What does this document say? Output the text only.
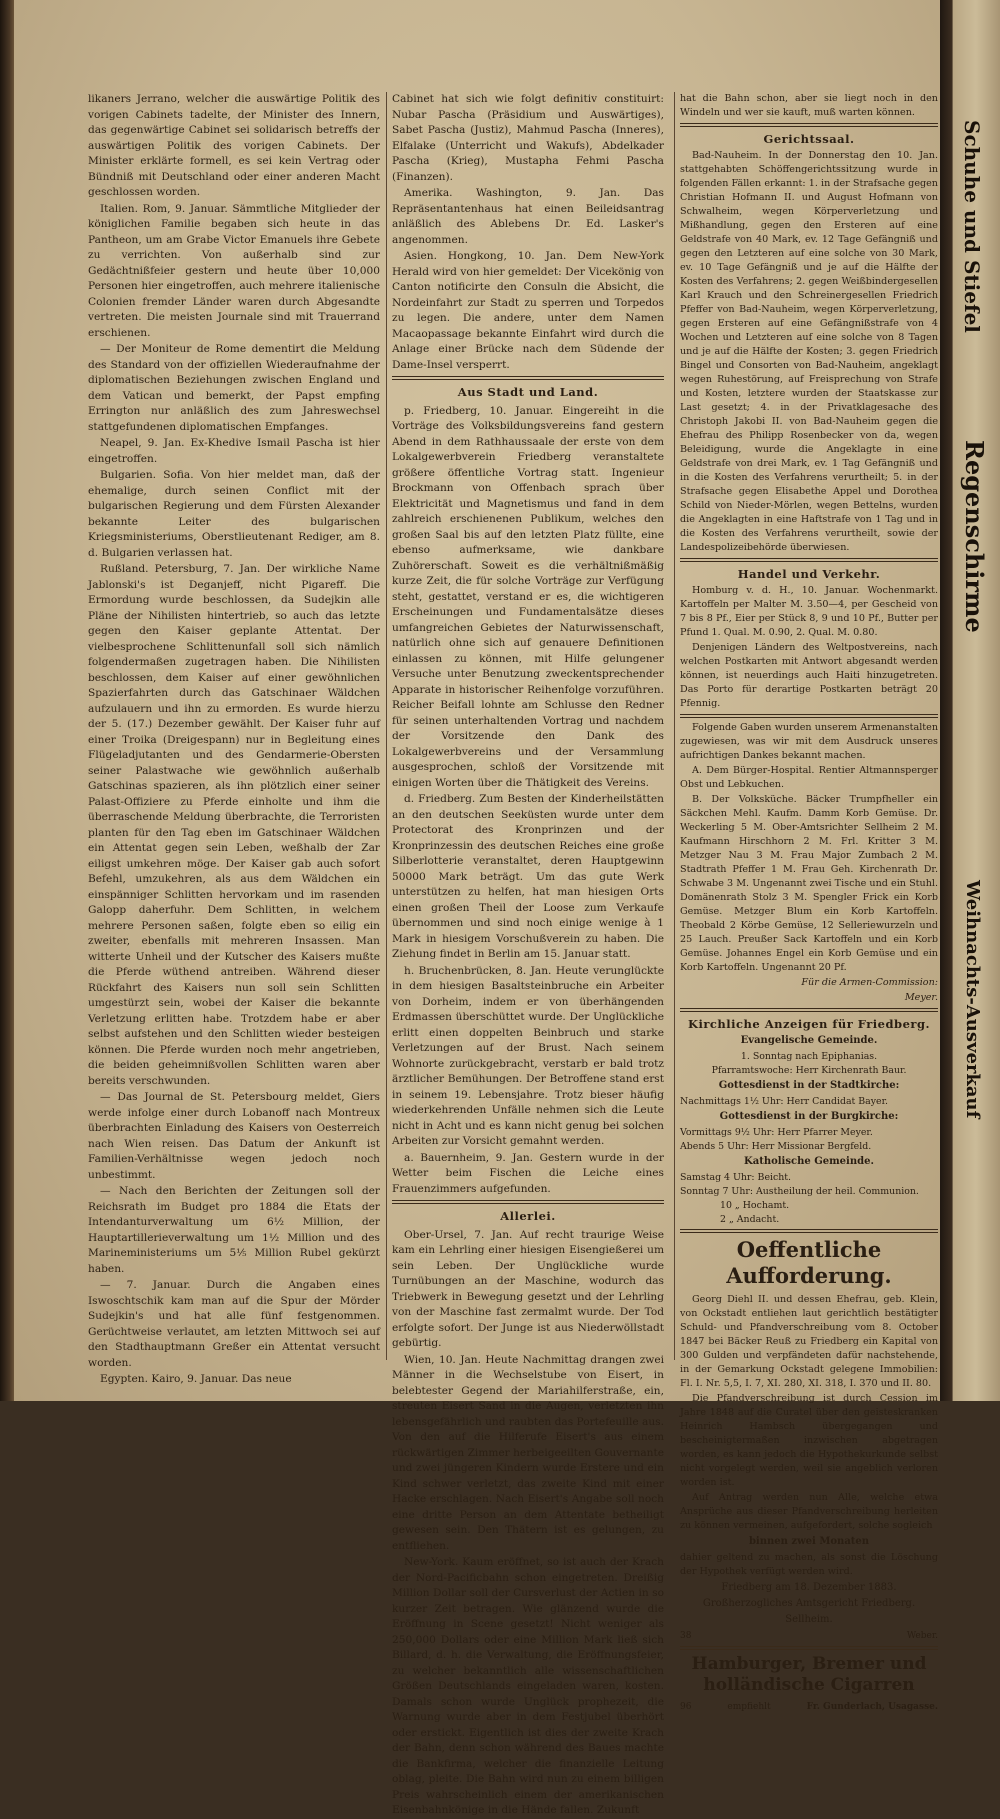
likaners Jerrano, welcher die auswärtige Politik des vorigen Cabinets tadelte, der Minister des Innern, das gegenwärtige Cabinet sei solidarisch betreffs der auswärtigen Politik des vorigen Cabinets. Der Minister erklärte formell, es sei kein Vertrag oder Bündniß mit Deutschland oder einer anderen Macht geschlossen worden.

Italien. Rom, 9. Januar. Sämmtliche Mitglieder der königlichen Familie begaben sich heute in das Pantheon, um am Grabe Victor Emanuels ihre Gebete zu verrichten. Von außerhalb sind zur Gedächtnißfeier gestern und heute über 10,000 Personen hier eingetroffen, auch mehrere italienische Colonien fremder Länder waren durch Abgesandte vertreten. Die meisten Journale sind mit Trauerrand erschienen.

— Der Moniteur de Rome dementirt die Meldung des Standard von der offiziellen Wiederaufnahme der diplomatischen Beziehungen zwischen England und dem Vatican und bemerkt, der Papst empfing Errington nur anläßlich des zum Jahreswechsel stattgefundenen diplomatischen Empfanges.

Neapel, 9. Jan. Ex-Khedive Ismail Pascha ist hier eingetroffen.

Bulgarien. Sofia. Von hier meldet man, daß der ehemalige, durch seinen Conflict mit der bulgarischen Regierung und dem Fürsten Alexander bekannte Leiter des bulgarischen Kriegsministeriums, Oberstlieutenant Rediger, am 8. d. Bulgarien verlassen hat.

Rußland. Petersburg, 7. Jan. Der wirkliche Name Jablonski's ist Deganjeff, nicht Pigareff. Die Ermordung wurde beschlossen, da Sudejkin alle Pläne der Nihilisten hintertrieb, so auch das letzte gegen den Kaiser geplante Attentat. Der vielbesprochene Schlittenunfall soll sich nämlich folgendermaßen zugetragen haben. Die Nihilisten beschlossen, dem Kaiser auf einer gewöhnlichen Spazierfahrten durch das Gatschinaer Wäldchen aufzulauern und ihn zu ermorden. Es wurde hierzu der 5. (17.) Dezember gewählt. Der Kaiser fuhr auf einer Troika (Dreigespann) nur in Begleitung eines Flügeladjutanten und des Gendarmerie-Obersten seiner Palastwache wie gewöhnlich außerhalb Gatschinas spazieren, als ihn plötzlich einer seiner Palast-Offiziere zu Pferde einholte und ihm die überraschende Meldung überbrachte, die Terroristen planten für den Tag eben im Gatschinaer Wäldchen ein Attentat gegen sein Leben, weßhalb der Zar eiligst umkehren möge. Der Kaiser gab auch sofort Befehl, umzukehren, als aus dem Wäldchen ein einspänniger Schlitten hervorkam und im rasenden Galopp daherfuhr. Dem Schlitten, in welchem mehrere Personen saßen, folgte eben so eilig ein zweiter, ebenfalls mit mehreren Insassen. Man witterte Unheil und der Kutscher des Kaisers mußte die Pferde wüthend antreiben. Während dieser Rückfahrt des Kaisers nun soll sein Schlitten umgestürzt sein, wobei der Kaiser die bekannte Verletzung erlitten habe. Trotzdem habe er aber selbst aufstehen und den Schlitten wieder besteigen können. Die Pferde wurden noch mehr angetrieben, die beiden geheimnißvollen Schlitten waren aber bereits verschwunden.

— Das Journal de St. Petersbourg meldet, Giers werde infolge einer durch Lobanoff nach Montreux überbrachten Einladung des Kaisers von Oesterreich nach Wien reisen. Das Datum der Ankunft ist Familien-Verhältnisse wegen jedoch noch unbestimmt.

— Nach den Berichten der Zeitungen soll der Reichsrath im Budget pro 1884 die Etats der Intendanturverwaltung um 6½ Million, der Hauptartillerieverwaltung um 1½ Million und des Marineministeriums um 5⅕ Million Rubel gekürzt haben.

— 7. Januar. Durch die Angaben eines Iswoschtschik kam man auf die Spur der Mörder Sudejkin's und hat alle fünf festgenommen. Gerüchtweise verlautet, am letzten Mittwoch sei auf den Stadthauptmann Greßer ein Attentat versucht worden.

Egypten. Kairo, 9. Januar. Das neue

Cabinet hat sich wie folgt definitiv constituirt: Nubar Pascha (Präsidium und Auswärtiges), Sabet Pascha (Justiz), Mahmud Pascha (Inneres), Elfalake (Unterricht und Wakufs), Abdelkader Pascha (Krieg), Mustapha Fehmi Pascha (Finanzen).

Amerika. Washington, 9. Jan. Das Repräsentantenhaus hat einen Beileidsantrag anläßlich des Ablebens Dr. Ed. Lasker's angenommen.

Asien. Hongkong, 10. Jan. Dem New-York Herald wird von hier gemeldet: Der Vicekönig von Canton notificirte den Consuln die Absicht, die Nordeinfahrt zur Stadt zu sperren und Torpedos zu legen. Die andere, unter dem Namen Macaopassage bekannte Einfahrt wird durch die Anlage einer Brücke nach dem Südende der Dame-Insel versperrt.

Aus Stadt und Land.

p. Friedberg, 10. Januar. Eingereiht in die Vorträge des Volksbildungsvereins fand gestern Abend in dem Rathhaussaale der erste von dem Lokalgewerbverein Friedberg veranstaltete größere öffentliche Vortrag statt. Ingenieur Brockmann von Offenbach sprach über Elektricität und Magnetismus und fand in dem zahlreich erschienenen Publikum, welches den großen Saal bis auf den letzten Platz füllte, eine ebenso aufmerksame, wie dankbare Zuhörerschaft. Soweit es die verhältnißmäßig kurze Zeit, die für solche Vorträge zur Verfügung steht, gestattet, verstand er es, die wichtigeren Erscheinungen und Fundamentalsätze dieses umfangreichen Gebietes der Naturwissenschaft, natürlich ohne sich auf genauere Definitionen einlassen zu können, mit Hilfe gelungener Versuche unter Benutzung zweckentsprechender Apparate in historischer Reihenfolge vorzuführen. Reicher Beifall lohnte am Schlusse den Redner für seinen unterhaltenden Vortrag und nachdem der Vorsitzende den Dank des Lokalgewerbvereins und der Versammlung ausgesprochen, schloß der Vorsitzende mit einigen Worten über die Thätigkeit des Vereins.

d. Friedberg. Zum Besten der Kinderheilstätten an den deutschen Seeküsten wurde unter dem Protectorat des Kronprinzen und der Kronprinzessin des deutschen Reiches eine große Silberlotterie veranstaltet, deren Hauptgewinn 50000 Mark beträgt. Um das gute Werk unterstützen zu helfen, hat man hiesigen Orts einen großen Theil der Loose zum Verkaufe übernommen und sind noch einige wenige à 1 Mark in hiesigem Vorschußverein zu haben. Die Ziehung findet in Berlin am 15. Januar statt.

h. Bruchenbrücken, 8. Jan. Heute verunglückte in dem hiesigen Basaltsteinbruche ein Arbeiter von Dorheim, indem er von überhängenden Erdmassen überschüttet wurde. Der Unglückliche erlitt einen doppelten Beinbruch und starke Verletzungen auf der Brust. Nach seinem Wohnorte zurückgebracht, verstarb er bald trotz ärztlicher Bemühungen. Der Betroffene stand erst in seinem 19. Lebensjahre. Trotz bieser häufig wiederkehrenden Unfälle nehmen sich die Leute nicht in Acht und es kann nicht genug bei solchen Arbeiten zur Vorsicht gemahnt werden.

a. Bauernheim, 9. Jan. Gestern wurde in der Wetter beim Fischen die Leiche eines Frauenzimmers aufgefunden.

Allerlei.

Ober-Ursel, 7. Jan. Auf recht traurige Weise kam ein Lehrling einer hiesigen Eisengießerei um sein Leben. Der Unglückliche wurde Turnübungen an der Maschine, wodurch das Triebwerk in Bewegung gesetzt und der Lehrling von der Maschine fast zermalmt wurde. Der Tod erfolgte sofort. Der Junge ist aus Niederwöllstadt gebürtig.

Wien, 10. Jan. Heute Nachmittag drangen zwei Männer in die Wechselstube von Eisert, in belebtester Gegend der Mariahilferstraße, ein, streuten Eisert Sand in die Augen, verletzten ihn lebensgefährlich und raubten das Portefeuille aus. Von den auf die Hilferufe Eisert's aus einem rückwärtigen Zimmer herbeigeeilten Gouvernante und zwei jüngeren Kindern wurde Erstere und ein Kind schwer verletzt, das zweite Kind mit einer Hacke erschlagen. Nach Eisert's Angabe soll noch eine dritte Person an dem Attentate betheiligt gewesen sein. Den Thätern ist es gelungen, zu entfliehen.

New-York. Kaum eröffnet, so ist auch der Krach der Nord-Pacificbahn schon eingetreten. Dreißig Million Dollar soll der Cursverlust der Actien in so kurzer Zeit betragen. Wie glänzend wurde die Eröffnung in Scene gesetzt! Nicht weniger als 250,000 Dollars oder eine Million Mark ließ sich Billard, d. h. die Verwaltung, die Eröffnungsfeier, zu welcher bekanntlich alle wissenschaftlichen Größen Deutschlands eingeladen waren, kosten. Damals schon wurde Unglück prophezeit, die Warnung wurde aber in dem Festjubel überhört oder erstickt. Eigentlich ist dies der zweite Krach der Bahn, denn schon während des Baues machte die Bankfirma, welcher die finanzielle Leitung oblag, pleite. Die Bahn wird nun zu einem billigen Preis wahrscheinlich einem der amerikanischen Eisenbahnkönige in die Hände fallen. Zukunft

hat die Bahn schon, aber sie liegt noch in den Windeln und wer sie kauft, muß warten können.

Gerichtssaal.

Bad-Nauheim. In der Donnerstag den 10. Jan. stattgehabten Schöffengerichtssitzung wurde in folgenden Fällen erkannt: 1. in der Strafsache gegen Christian Hofmann II. und August Hofmann von Schwalheim, wegen Körperverletzung und Mißhandlung, gegen den Ersteren auf eine Geldstrafe von 40 Mark, ev. 12 Tage Gefängniß und gegen den Letzteren auf eine solche von 30 Mark, ev. 10 Tage Gefängniß und je auf die Hälfte der Kosten des Verfahrens; 2. gegen Weißbindergesellen Karl Krauch und den Schreinergesellen Friedrich Pfeffer von Bad-Nauheim, wegen Körperverletzung, gegen Ersteren auf eine Gefängnißstrafe von 4 Wochen und Letzteren auf eine solche von 8 Tagen und je auf die Hälfte der Kosten; 3. gegen Friedrich Bingel und Consorten von Bad-Nauheim, angeklagt wegen Ruhestörung, auf Freisprechung von Strafe und Kosten, letztere wurden der Staatskasse zur Last gesetzt; 4. in der Privatklagesache des Christoph Jakobi II. von Bad-Nauheim gegen die Ehefrau des Philipp Rosenbecker von da, wegen Beleidigung, wurde die Angeklagte in eine Geldstrafe von drei Mark, ev. 1 Tag Gefängniß und in die Kosten des Verfahrens verurtheilt; 5. in der Strafsache gegen Elisabethe Appel und Dorothea Schild von Nieder-Mörlen, wegen Bettelns, wurden die Angeklagten in eine Haftstrafe von 1 Tag und in die Kosten des Verfahrens verurtheilt, sowie der Landespolizeibehörde überwiesen.

Handel und Verkehr.

Homburg v. d. H., 10. Januar. Wochenmarkt. Kartoffeln per Malter M. 3.50—4, per Gescheid von 7 bis 8 Pf., Eier per Stück 8, 9 und 10 Pf., Butter per Pfund 1. Qual. M. 0.90, 2. Qual. M. 0.80.

Denjenigen Ländern des Weltpostvereins, nach welchen Postkarten mit Antwort abgesandt werden können, ist neuerdings auch Haiti hinzugetreten. Das Porto für derartige Postkarten beträgt 20 Pfennig.

Folgende Gaben wurden unserem Armenanstalten zugewiesen, was wir mit dem Ausdruck unseres aufrichtigen Dankes bekannt machen.

A. Dem Bürger-Hospital. Rentier Altmannsperger Obst und Lebkuchen.

B. Der Volksküche. Bäcker Trumpfheller ein Säckchen Mehl. Kaufm. Damm Korb Gemüse. Dr. Weckerling 5 M. Ober-Amtsrichter Sellheim 2 M. Kaufmann Hirschhorn 2 M. Frl. Kritter 3 M. Metzger Nau 3 M. Frau Major Zumbach 2 M. Stadtrath Pfeffer 1 M. Frau Geh. Kirchenrath Dr. Schwabe 3 M. Ungenannt zwei Tische und ein Stuhl. Domänenrath Stolz 3 M. Spengler Frick ein Korb Gemüse. Metzger Blum ein Korb Kartoffeln. Theobald 2 Körbe Gemüse, 12 Selleriewurzeln und 25 Lauch. Preußer Sack Kartoffeln und ein Korb Gemüse. Johannes Engel ein Korb Gemüse und ein Korb Kartoffeln. Ungenannt 20 Pf.

Für die Armen-Commission:

Meyer.

Kirchliche Anzeigen für Friedberg.

Evangelische Gemeinde.

1. Sonntag nach Epiphanias.

Pfarramtswoche: Herr Kirchenrath Baur.

Gottesdienst in der Stadtkirche:

Nachmittags 1½ Uhr: Herr Candidat Bayer.

Gottesdienst in der Burgkirche:

Vormittags 9½ Uhr: Herr Pfarrer Meyer.

Abends 5 Uhr: Herr Missionar Bergfeld.

Katholische Gemeinde.

Samstag 4 Uhr: Beicht.

Sonntag 7 Uhr: Austheilung der heil. Communion.

10 „ Hochamt.

2 „ Andacht.

Oeffentliche Aufforderung.

Georg Diehl II. und dessen Ehefrau, geb. Klein, von Ockstadt entliehen laut gerichtlich bestätigter Schuld- und Pfandverschreibung vom 8. October 1847 bei Bäcker Reuß zu Friedberg ein Kapital von 300 Gulden und verpfändeten dafür nachstehende, in der Gemarkung Ockstadt gelegene Immobilien: Fl. I. Nr. 5,5, I. 7, XI. 280, XI. 318, I. 370 und II. 80.

Die Pfandverschreibung ist durch Cession im Jahre 1848 auf die Curatel über den geisteskranken Heinrich Hambsch übergegangen und bescheinigtermaßen inzwischen abgetragen worden, es kann jedoch die Hypothekurkunde selbst nicht vorgelegt werden, weil sie angeblich verloren worden ist.

Auf Antrag werden nun Alle, welche etwa Ansprüche aus dieser Pfandverschreibung herleiten zu können vermeinen, aufgefordert, solche sogleich

binnen zwei Monaten

dahier geltend zu machen, als sonst die Löschung der Hypothek verfügt werden wird.

Friedberg am 18. Dezember 1883.

Großherzogliches Amtsgericht Friedberg.

Sellheim.

38	Weber.

Hamburger, Bremer und holländische Cigarren

96	empfiehlt	Fr. Gunderlach, Usagasse.

Schuhe und Stiefel
Regenschirme
Weihnachts-Ausverkauf
